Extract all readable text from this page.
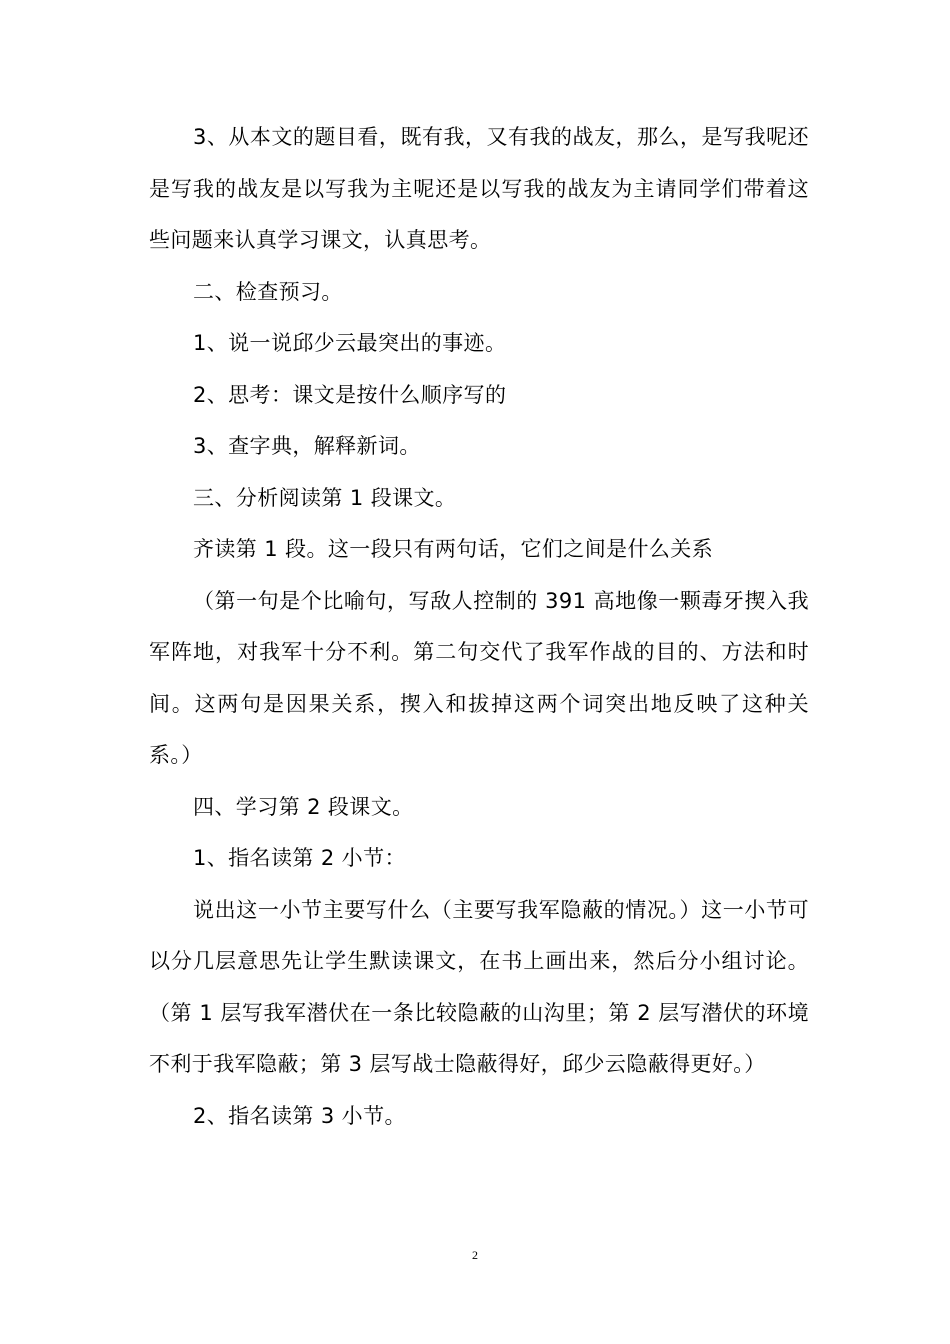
3、从本文的题目看，既有我，又有我的战友，那么，是写我呢还是写我的战友是以写我为主呢还是以写我的战友为主请同学们带着这些问题来认真学习课文，认真思考。

二、检查预习。

1、说一说邱少云最突出的事迹。

2、思考：课文是按什么顺序写的

3、查字典，解释新词。

三、分析阅读第 1 段课文。

齐读第 1 段。这一段只有两句话，它们之间是什么关系

（第一句是个比喻句，写敌人控制的 391 高地像一颗毒牙揳入我军阵地，对我军十分不利。第二句交代了我军作战的目的、方法和时间。这两句是因果关系，揳入和拔掉这两个词突出地反映了这种关系。）

四、学习第 2 段课文。

1、指名读第 2 小节：

说出这一小节主要写什么（主要写我军隐蔽的情况。）这一小节可以分几层意思先让学生默读课文，在书上画出来，然后分小组讨论。（第 1 层写我军潜伏在一条比较隐蔽的山沟里；第 2 层写潜伏的环境不利于我军隐蔽；第 3 层写战士隐蔽得好，邱少云隐蔽得更好。）

2、指名读第 3 小节。

2
